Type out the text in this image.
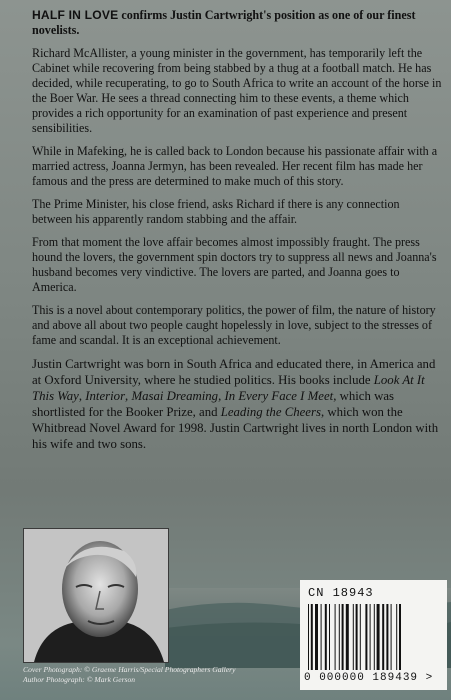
HALF IN LOVE confirms Justin Cartwright's position as one of our finest novelists.

Richard McAllister, a young minister in the government, has temporarily left the Cabinet while recovering from being stabbed by a thug at a football match. He has decided, while recuperating, to go to South Africa to write an account of the horse in the Boer War. He sees a thread connecting him to these events, a theme which provides a rich opportunity for an examination of past experience and present sensibilities.

While in Mafeking, he is called back to London because his passionate affair with a married actress, Joanna Jermyn, has been revealed. Her recent film has made her famous and the press are determined to make much of this story.

The Prime Minister, his close friend, asks Richard if there is any connection between his apparently random stabbing and the affair.

From that moment the love affair becomes almost impossibly fraught. The press hound the lovers, the government spin doctors try to suppress all news and Joanna's husband becomes very vindictive. The lovers are parted, and Joanna goes to America.

This is a novel about contemporary politics, the power of film, the nature of history and above all about two people caught hopelessly in love, subject to the stresses of fame and scandal. It is an exceptional achievement.

Justin Cartwright was born in South Africa and educated there, in America and at Oxford University, where he studied politics. His books include Look At It This Way, Interior, Masai Dreaming, In Every Face I Meet, which was shortlisted for the Booker Prize, and Leading the Cheers, which won the Whitbread Novel Award for 1998. Justin Cartwright lives in north London with his wife and two sons.

CN 18943
0 000000 189439 >
Cover Photograph: © Graeme Harris/Special Photographers Gallery
Author Photograph: © Mark Gerson
